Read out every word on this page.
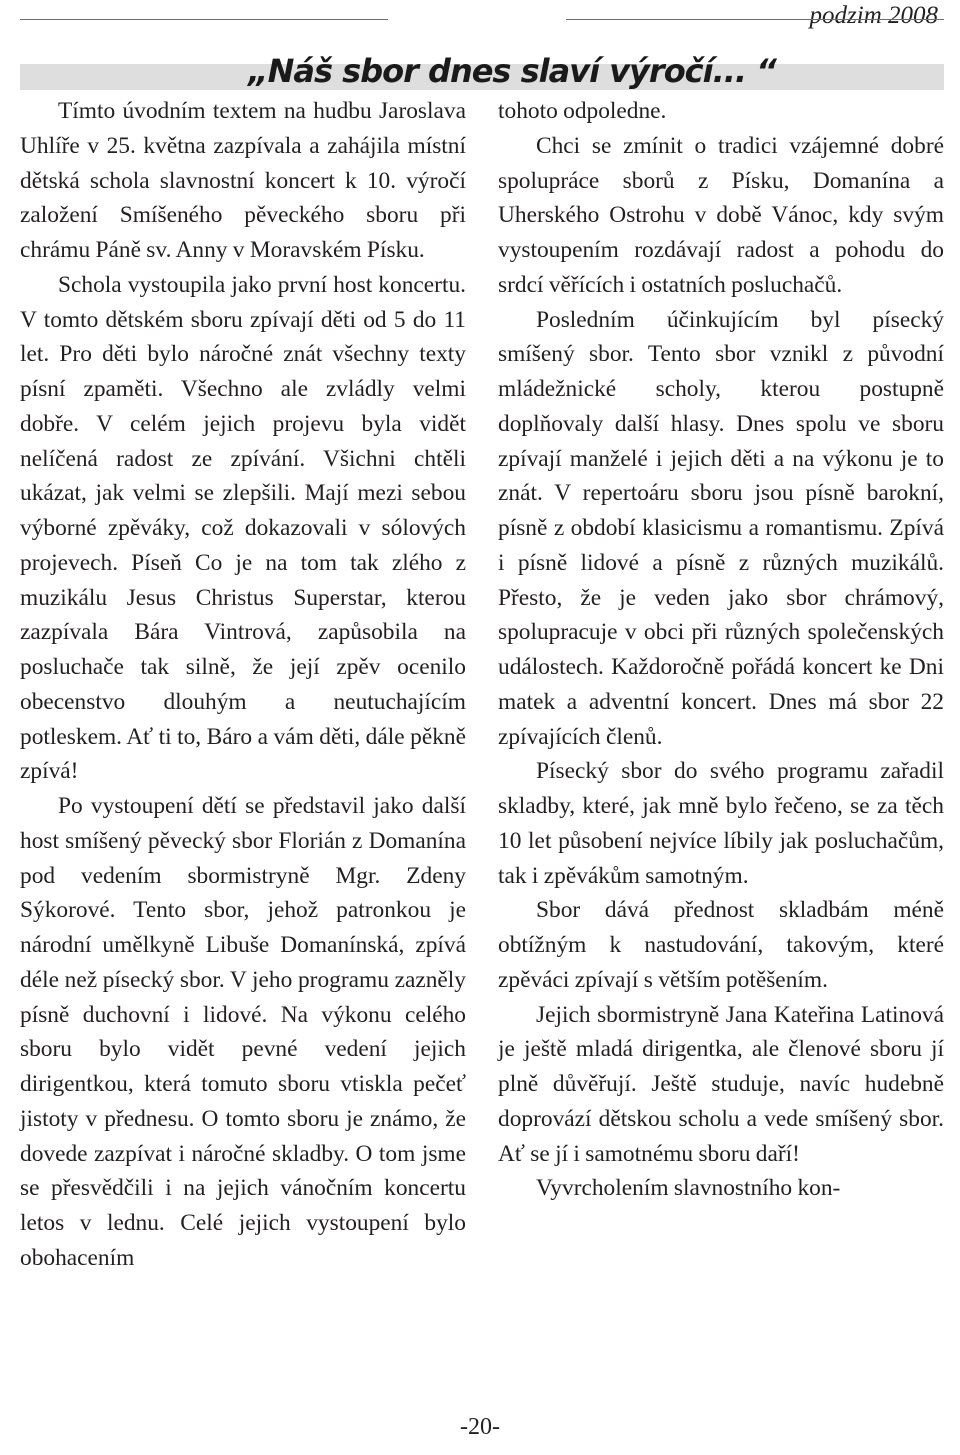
podzim 2008

„Náš sbor dnes slaví výročí... “

Tímto úvodním textem na hudbu Jaroslava Uhlíře v 25. května zazpívala a zahájila místní dětská schola slavnostní koncert k 10. výročí založení Smíšeného pěveckého sboru při chrámu Páně sv. Anny v Moravském Písku.

Schola vystoupila jako první host koncertu. V tomto dětském sboru zpívají děti od 5 do 11 let. Pro děti bylo náročné znát všechny texty písní zpaměti. Všechno ale zvládly velmi dobře. V celém jejich projevu byla vidět nelíčená radost ze zpívání. Všichni chtěli ukázat, jak velmi se zlepšili. Mají mezi sebou výborné zpěváky, což dokazovali v sólových projevech. Píseň Co je na tom tak zlého z muzikálu Jesus Christus Superstar, kterou zazpívala Bára Vintrová, zapůsobila na posluchače tak silně, že její zpěv ocenilo obecenstvo dlouhým a neutuchajícím potleskem. Ať ti to, Báro a vám děti, dále pěkně zpívá!

Po vystoupení dětí se představil jako další host smíšený pěvecký sbor Florián z Domanína pod vedením sbormistryně Mgr. Zdeny Sýkorové. Tento sbor, jehož patronkou je národní umělkyně Libuše Domanínská, zpívá déle než písecký sbor. V jeho programu zazněly písně duchovní i lidové. Na výkonu celého sboru bylo vidět pevné vedení jejich dirigentkou, která tomuto sboru vtiskla pečeť jistoty v přednesu. O tomto sboru je známo, že dovede zazpívat i náročné skladby. O tom jsme se přesvědčili i na jejich vánočním koncertu letos v lednu. Celé jejich vystoupení bylo obohacením

tohoto odpoledne.

Chci se zmínit o tradici vzájemné dobré spolupráce sborů z Písku, Domanína a Uherského Ostrohu v době Vánoc, kdy svým vystoupením rozdávají radost a pohodu do srdcí věřících i ostatních posluchačů.

Posledním účinkujícím byl písecký smíšený sbor. Tento sbor vznikl z původní mládežnické scholy, kterou postupně doplňovaly další hlasy. Dnes spolu ve sboru zpívají manželé i jejich děti a na výkonu je to znát. V repertoáru sboru jsou písně barokní, písně z období klasicismu a romantismu. Zpívá i písně lidové a písně z různých muzikálů. Přesto, že je veden jako sbor chrámový, spolupracuje v obci při různých společenských událostech. Každoročně pořádá koncert ke Dni matek a adventní koncert. Dnes má sbor 22 zpívajících členů.

Písecký sbor do svého programu zařadil skladby, které, jak mně bylo řečeno, se za těch 10 let působení nejvíce líbily jak posluchačům, tak i zpěvákům samotným.

Sbor dává přednost skladbám méně obtížným k nastudování, takovým, které zpěváci zpívají s větším potěšením.

Jejich sbormistryně Jana Kateřina Latinová je ještě mladá dirigentka, ale členové sboru jí plně důvěřují. Ještě studuje, navíc hudebně doprovází dětskou scholu a vede smíšený sbor. Ať se jí i samotnému sboru daří!

Vyvrcholením slavnostního kon-

-20-
